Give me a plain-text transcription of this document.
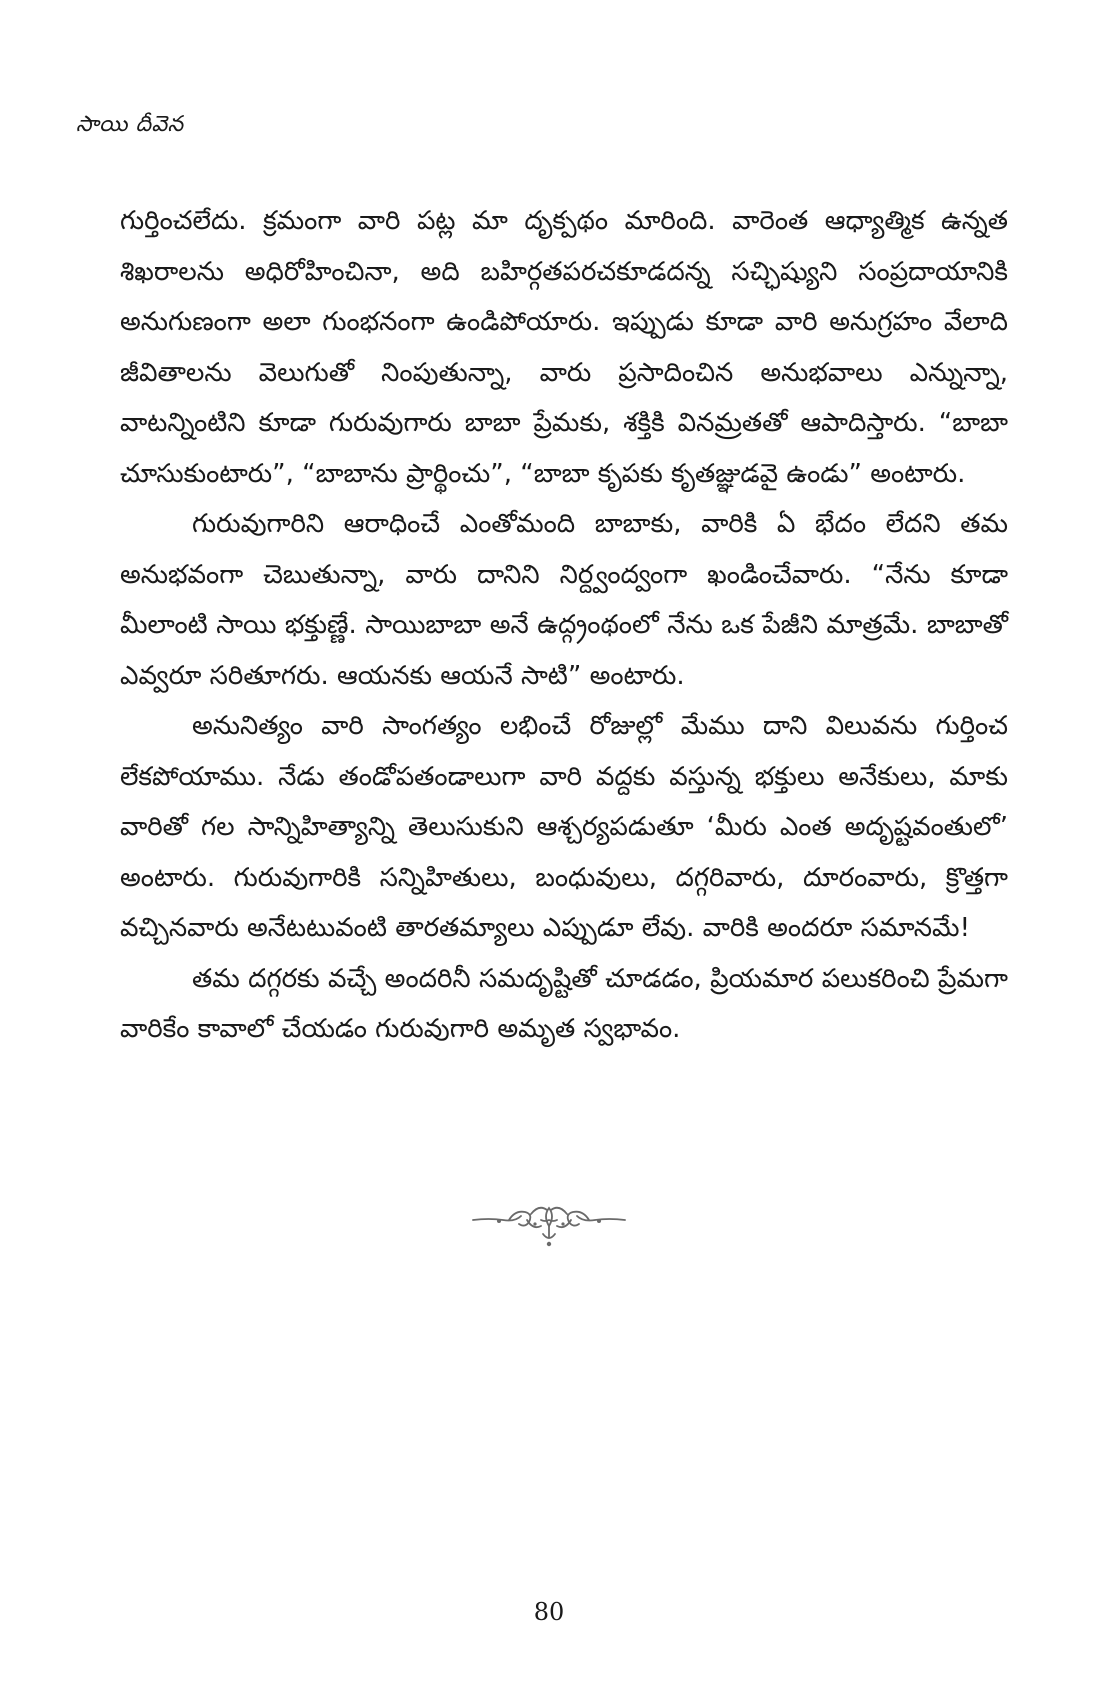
సాయి దీవెన

గుర్తించలేదు. క్రమంగా వారి పట్ల మా దృక్పథం మారింది. వారెంత ఆధ్యాత్మిక ఉన్నత శిఖరాలను అధిరోహించినా, అది బహిర్గతపరచకూడదన్న సచ్ఛిష్యుని సంప్రదాయానికి అనుగుణంగా అలా గుంభనంగా ఉండిపోయారు. ఇప్పుడు కూడా వారి అనుగ్రహం వేలాది జీవితాలను వెలుగుతో నింపుతున్నా, వారు ప్రసాదించిన అనుభవాలు ఎన్నున్నా, వాటన్నింటిని కూడా గురువుగారు బాబా ప్రేమకు, శక్తికి వినమ్రతతో ఆపాదిస్తారు. “బాబా చూసుకుంటారు”, “బాబాను ప్రార్థించు”, “బాబా కృపకు కృతజ్ఞుడవై ఉండు” అంటారు.

గురువుగారిని ఆరాధించే ఎంతోమంది బాబాకు, వారికి ఏ భేదం లేదని తమ అనుభవంగా చెబుతున్నా, వారు దానిని నిర్ద్వంద్వంగా ఖండించేవారు. “నేను కూడా మీలాంటి సాయి భక్తుణ్ణే. సాయిబాబా అనే ఉద్గ్రంథంలో నేను ఒక పేజీని మాత్రమే. బాబాతో ఎవ్వరూ సరితూగరు. ఆయనకు ఆయనే సాటి” అంటారు.

అనునిత్యం వారి సాంగత్యం లభించే రోజుల్లో మేము దాని విలువను గుర్తించ లేకపోయాము. నేడు తండోపతండాలుగా వారి వద్దకు వస్తున్న భక్తులు అనేకులు, మాకు వారితో గల సాన్నిహిత్యాన్ని తెలుసుకుని ఆశ్చర్యపడుతూ ‘మీరు ఎంత అదృష్టవంతులో’ అంటారు. గురువుగారికి సన్నిహితులు, బంధువులు, దగ్గరివారు, దూరంవారు, క్రొత్తగా వచ్చినవారు అనేటటువంటి తారతమ్యాలు ఎప్పుడూ లేవు. వారికి అందరూ సమానమే!

తమ దగ్గరకు వచ్చే అందరినీ సమదృష్టితో చూడడం, ప్రియమార పలుకరించి ప్రేమగా వారికేం కావాలో చేయడం గురువుగారి అమృత స్వభావం.

80
